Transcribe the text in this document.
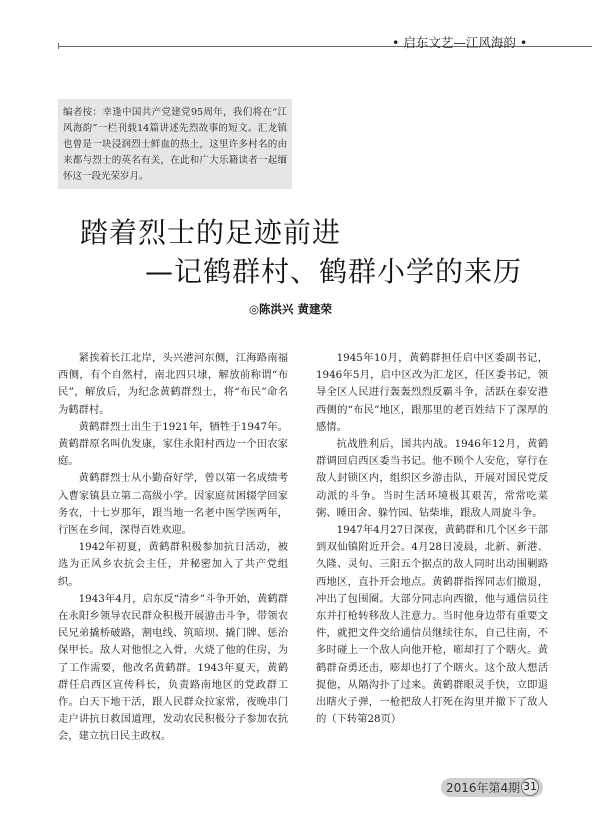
• 启东文艺—江风海韵 •

编者按：幸逢中国共产党建党95周年，我们将在“江风海韵”一栏刊载14篇讲述先烈故事的短文。汇龙镇也曾是一块浸润烈士鲜血的热土，这里许多村名的由来都与烈士的英名有关，在此和广大乐籍读者一起缅怀这一段光荣岁月。

踏着烈士的足迹前进
—记鹤群村、鹤群小学的来历
◎陈洪兴 黄建荣

紧挨着长江北岸，头兴港河东侧，江海路南福西侧，有个自然村，南北四只埭，解放前称谓“布民”，解放后，为纪念黄鹤群烈士，将“布民”命名为鹤群村。

黄鹤群烈士出生于1921年，牺牲于1947年。黄鹤群原名叫仇发康，家住永阳村西边一个田农家庭。

黄鹤群烈士从小勤奋好学，曾以第一名成绩考入曹家镇县立第二高级小学。因家庭贫困辍学回家务农，十七岁那年，跟当地一名老中医学医两年，行医在乡间，深得百姓欢迎。

1942年初夏，黄鹤群积极参加抗日活动，被选为正风乡农抗会主任，并秘密加入了共产党组织。

1943年4月，启东反“清乡”斗争开始，黄鹤群在永阳乡领导农民群众积极开展游击斗争，带领农民兄弟撬桥破路，割电线、筑暗坝、撬门牌、惩治保甲长。敌人对他恨之入骨，火烧了他的住房，为了工作需要，他改名黄鹤群。1943年夏天，黄鹤群任启西区宣传科长，负责路南地区的党政群工作。白天下地干活，跟人民群众拉家常，夜晚串门走户讲抗日救国道理，发动农民积极分子参加农抗会，建立抗日民主政权。

1945年10月，黄鹤群担任启中区委副书记，1946年5月，启中区改为汇龙区，任区委书记，领导全区人民进行轰轰烈烈反霸斗争，活跃在泰安港西侧的“布民”地区，跟那里的老百姓结下了深厚的感情。

抗战胜利后，国共内战。1946年12月，黄鹤群调回启西区委当书记。他不顾个人安危，穿行在敌人封锁区内，组织区乡游击队，开展对国民党反动派的斗争。当时生活环境极其艰苦，常常吃菜粥、睡田舍、躲竹园、钻柴堆，跟敌人周旋斗争。

1947年4月27日深夜，黄鹤群和几个区乡干部到双仙镇附近开会。4月28日凌晨，北新、新港、久隆、灵旬、三阳五个据点的敌人同时出动围剿路西地区，直扑开会地点。黄鹤群指挥同志们撤退，冲出了包围圈。大部分同志向西撤，他与通信员往东并打枪转移敌人注意力。当时他身边带有重要文件，就把文件交给通信员继续往东，自己往南，不多时碰上一个敌人向他开枪，嘭却打了个瞎火。黄鹤群奋勇还击，嘭却也打了个瞎火。这个敌人想活捉他，从隔沟扑了过来。黄鹤群眼灵手快，立即退出瞎火子弹，一枪把敌人打死在沟里并撤下了敌人的（下转第28页）

2016年第4期 31
